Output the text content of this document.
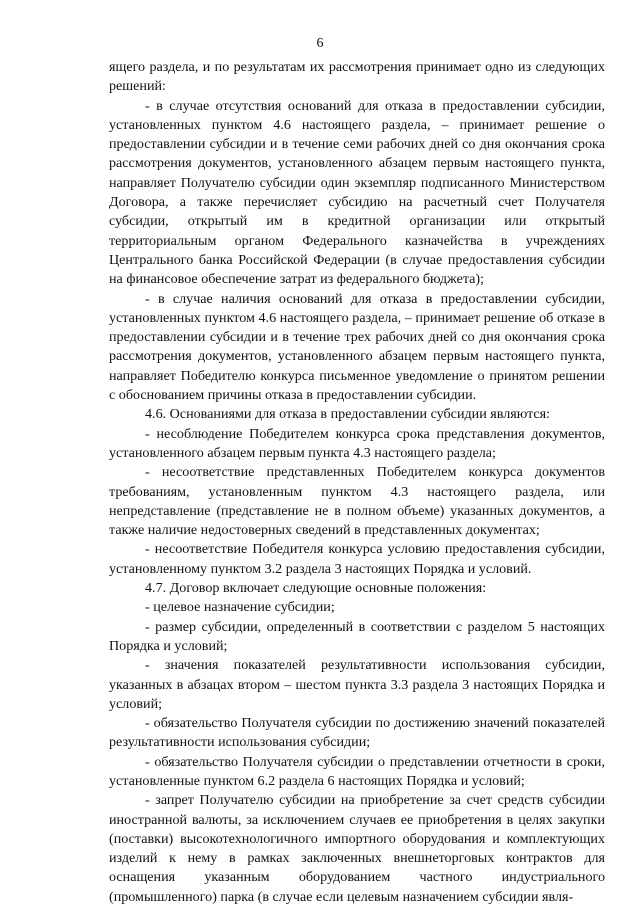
6

ящего раздела, и по результатам их рассмотрения принимает одно из следующих решений:

- в случае отсутствия оснований для отказа в предоставлении субсидии, установленных пунктом 4.6 настоящего раздела, – принимает решение о предоставлении субсидии и в течение семи рабочих дней со дня окончания срока рассмотрения документов, установленного абзацем первым настоящего пункта, направляет Получателю субсидии один экземпляр подписанного Министерством Договора, а также перечисляет субсидию на расчетный счет Получателя субсидии, открытый им в кредитной организации или открытый территориальным органом Федерального казначейства в учреждениях Центрального банка Российской Федерации (в случае предоставления субсидии на финансовое обеспечение затрат из федерального бюджета);

- в случае наличия оснований для отказа в предоставлении субсидии, установленных пунктом 4.6 настоящего раздела, – принимает решение об отказе в предоставлении субсидии и в течение трех рабочих дней со дня окончания срока рассмотрения документов, установленного абзацем первым настоящего пункта, направляет Победителю конкурса письменное уведомление о принятом решении с обоснованием причины отказа в предоставлении субсидии.

4.6. Основаниями для отказа в предоставлении субсидии являются:

- несоблюдение Победителем конкурса срока представления документов, установленного абзацем первым пункта 4.3 настоящего раздела;

- несоответствие представленных Победителем конкурса документов требованиям, установленным пунктом 4.3 настоящего раздела, или непредставление (представление не в полном объеме) указанных документов, а также наличие недостоверных сведений в представленных документах;

- несоответствие Победителя конкурса условию предоставления субсидии, установленному пунктом 3.2 раздела 3 настоящих Порядка и условий.

4.7. Договор включает следующие основные положения:

- целевое назначение субсидии;

- размер субсидии, определенный в соответствии с разделом 5 настоящих Порядка и условий;

- значения показателей результативности использования субсидии, указанных в абзацах втором – шестом пункта 3.3 раздела 3 настоящих Порядка и условий;

- обязательство Получателя субсидии по достижению значений показателей результативности использования субсидии;

- обязательство Получателя субсидии о представлении отчетности в сроки, установленные пунктом 6.2 раздела 6 настоящих Порядка и условий;

- запрет Получателю субсидии на приобретение за счет средств субсидии иностранной валюты, за исключением случаев ее приобретения в целях закупки (поставки) высокотехнологичного импортного оборудования и комплектующих изделий к нему в рамках заключенных внешнеторговых контрактов для оснащения указанным оборудованием частного индустриального (промышленного) парка (в случае если целевым назначением субсидии явля-
